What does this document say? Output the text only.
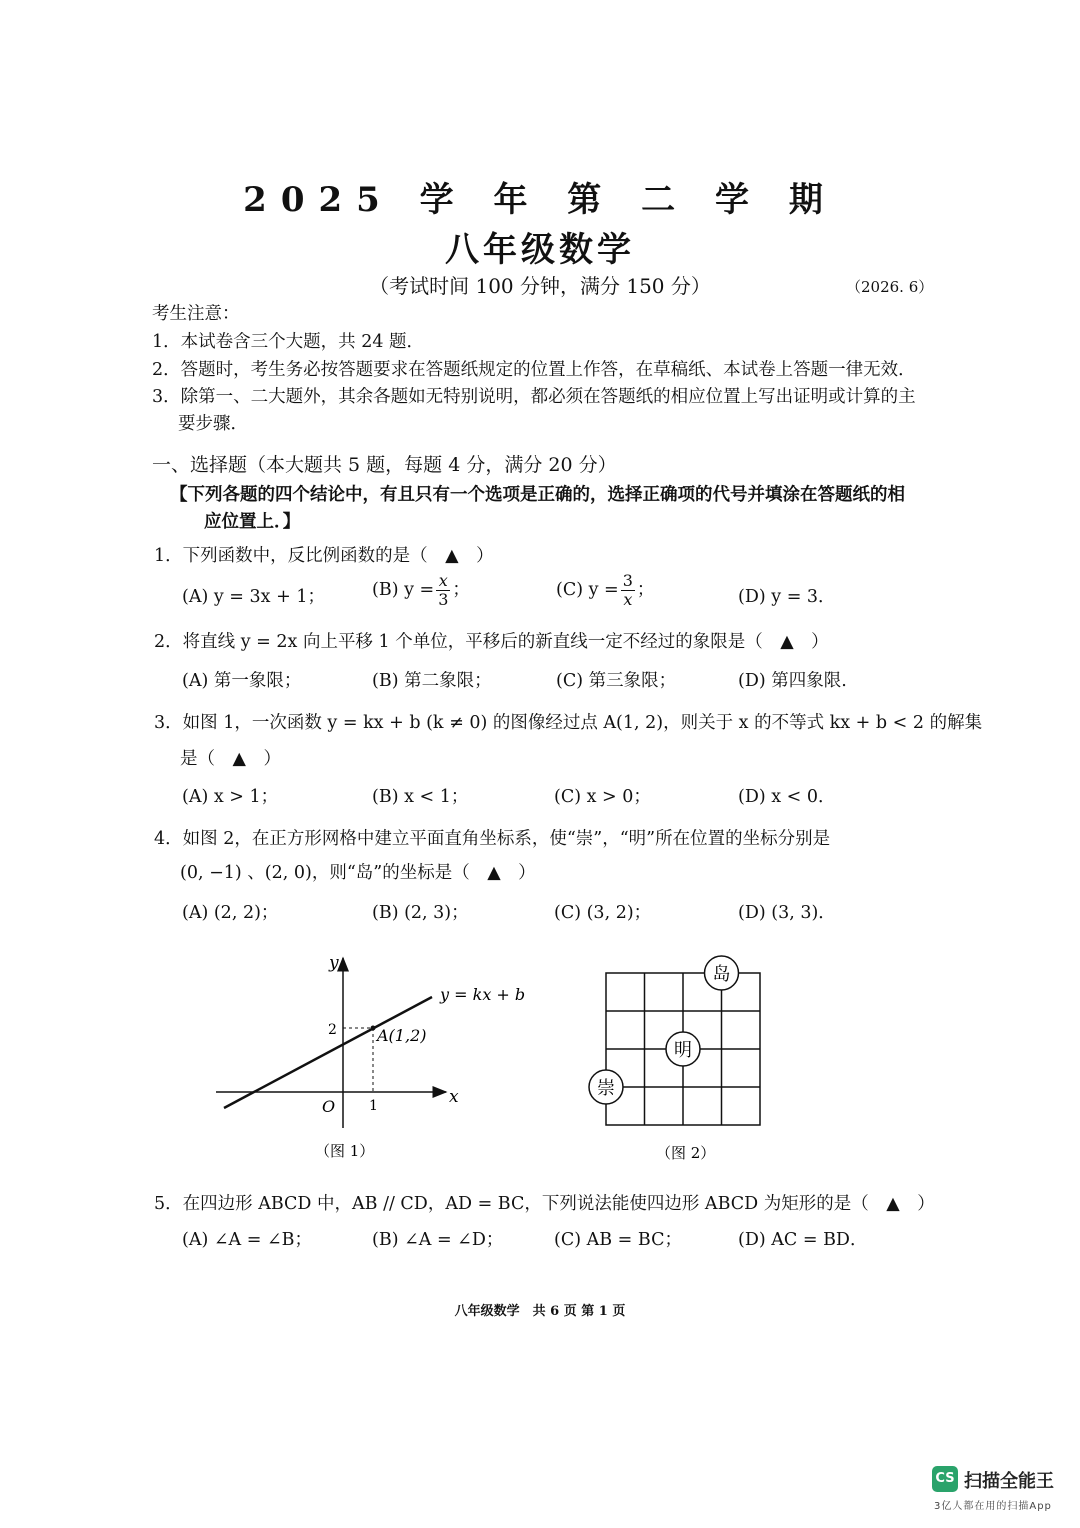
2025 学 年 第 二 学 期
八年级数学
（考试时间 100 分钟，满分 150 分）	（2026. 6）
考生注意：
1．本试卷含三个大题，共 24 题．
2．答题时，考生务必按答题要求在答题纸规定的位置上作答，在草稿纸、本试卷上答题一律无效．
3．除第一、二大题外，其余各题如无特别说明，都必须在答题纸的相应位置上写出证明或计算的主
要步骤．
一、选择题（本大题共 5 题，每题 4 分，满分 20 分）
【下列各题的四个结论中，有且只有一个选项是正确的，选择正确项的代号并填涂在答题纸的相
应位置上．】
1．下列函数中，反比例函数的是（　▲　）
(A) y = 3x + 1；	(B) $y = \frac{x}{3}$ ；	(C) $y = \frac{3}{x}$ ；	(D) y = 3．
2．将直线 y = 2x 向上平移 1 个单位，平移后的新直线一定不经过的象限是（　▲　）
(A) 第一象限；	(B) 第二象限；	(C) 第三象限；	(D) 第四象限.
3．如图 1，一次函数 y = kx + b (k ≠ 0) 的图像经过点 A(1, 2)，则关于 x 的不等式 kx + b < 2 的解集
是（　▲　）
(A) x > 1；	(B) x < 1；	(C) x > 0；	(D) x < 0．
4．如图 2，在正方形网格中建立平面直角坐标系，使“崇”，“明”所在位置的坐标分别是
(0, −1) 、(2, 0)，则“岛”的坐标是（　▲　）
(A) (2, 2)；	(B) (2, 3)；	(C) (3, 2)；	(D) (3, 3)．
y
x
O
2
1
A(1,2)
y = kx + b
（图 1）
岛
明
崇
（图 2）
5．在四边形 ABCD 中，AB // CD，AD = BC，下列说法能使四边形 ABCD 为矩形的是（　▲　）
(A) ∠A = ∠B；	(B) ∠A = ∠D；	(C) AB = BC；	(D) AC = BD．
八年级数学　共 6 页 第 1 页
CS 扫描全能王
3亿人都在用的扫描App
